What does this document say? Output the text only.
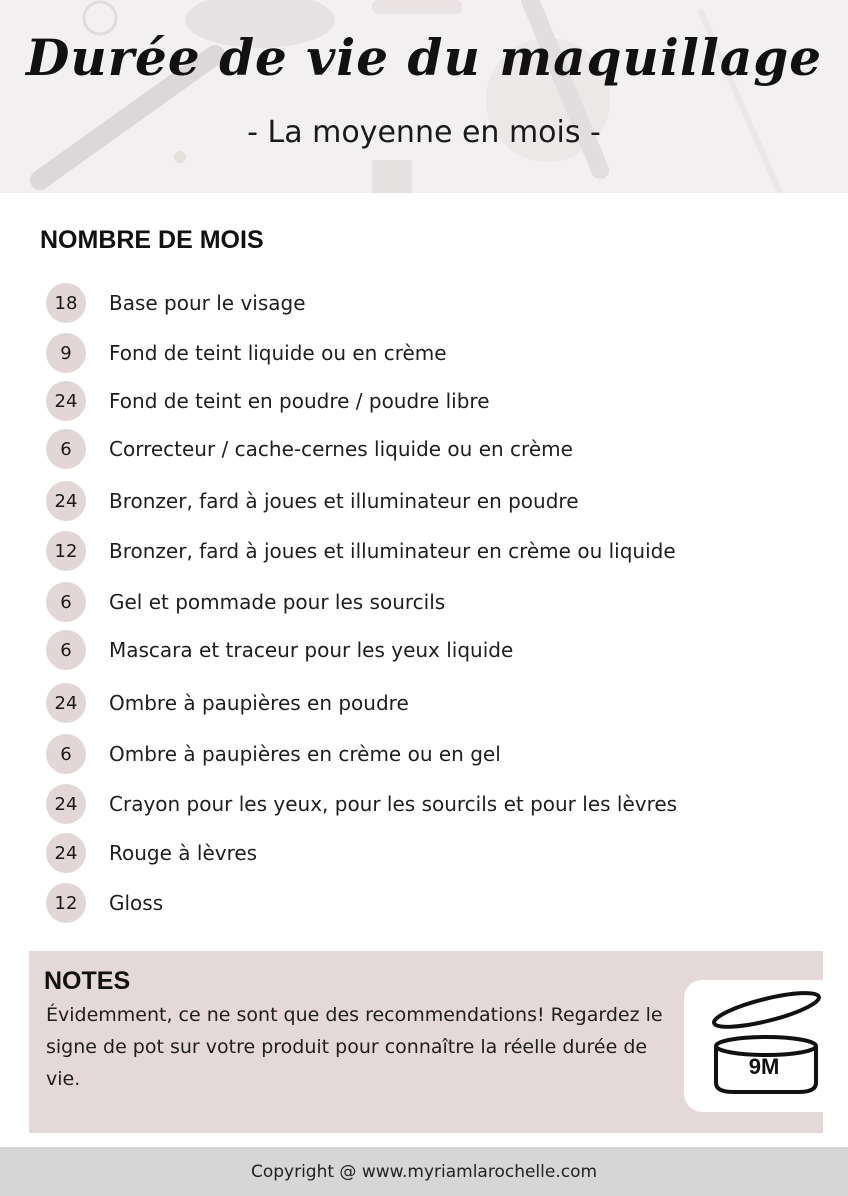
Durée de vie du maquillage
- La moyenne en mois -
NOMBRE DE MOIS
18	Base pour le visage
9	Fond de teint liquide ou en crème
24	Fond de teint en poudre / poudre libre
6	Correcteur / cache-cernes liquide ou en crème
24	Bronzer, fard à joues et illuminateur en poudre
12	Bronzer, fard à joues et illuminateur en crème ou liquide
6	Gel et pommade pour les sourcils
6	Mascara et traceur pour les yeux liquide
24	Ombre à paupières en poudre
6	Ombre à paupières en crème ou en gel
24	Crayon pour les yeux, pour les sourcils et pour les lèvres
24	Rouge à lèvres
12	Gloss
NOTES
Évidemment, ce ne sont que des recommendations! Regardez le signe de pot sur votre produit pour connaître la réelle durée de vie.	9M
Copyright @ www.myriamlarochelle.com
